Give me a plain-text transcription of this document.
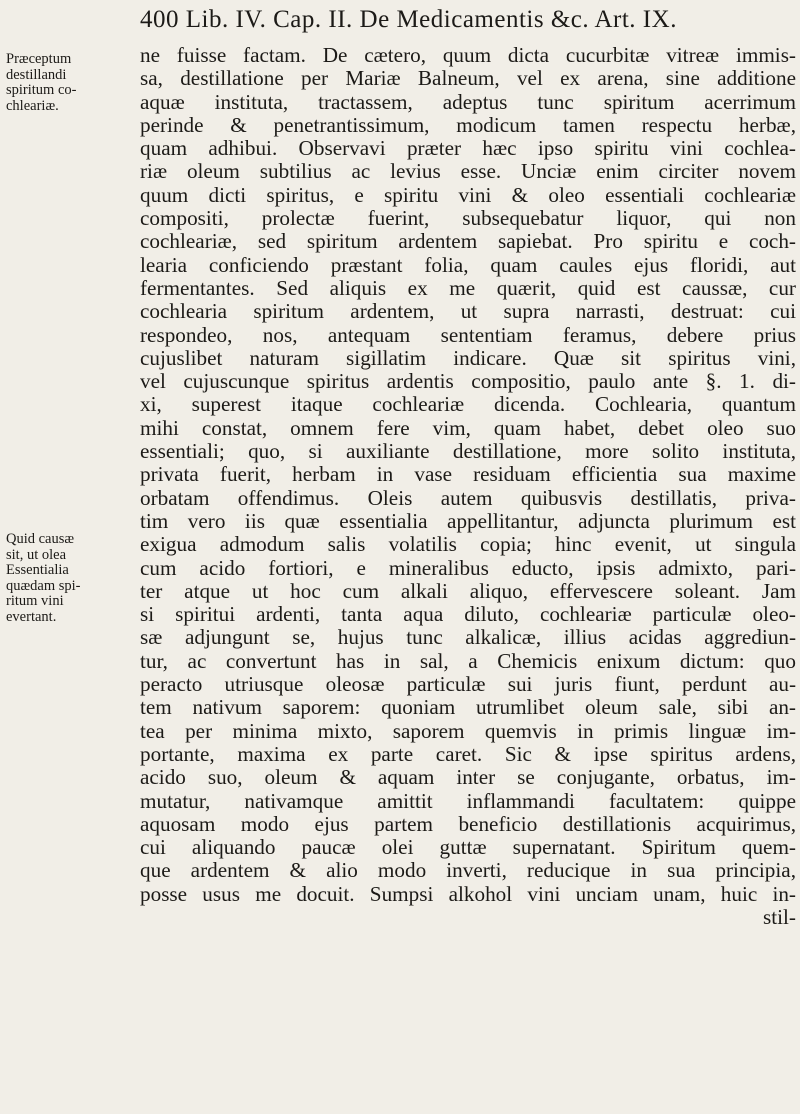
400 Lib. IV. Cap. II. De Medicamentis &c. Art. IX.
Præceptum
destillandi
spiritum co-
chleariæ.
Quid causæ
sit, ut olea
Essentialia
quædam spi-
ritum vini
evertant.
ne fuisse factam. De cætero, quum dicta cucurbitæ vitreæ immis-
sa, destillatione per Mariæ Balneum, vel ex arena, sine additione
aquæ instituta, tractassem, adeptus tunc spiritum acerrimum
perinde & penetrantissimum, modicum tamen respectu herbæ,
quam adhibui. Observavi præter hæc ipso spiritu vini cochlea-
riæ oleum subtilius ac levius esse. Unciæ enim circiter novem
quum dicti spiritus, e spiritu vini & oleo essentiali cochleariæ
compositi, prolectæ fuerint, subsequebatur liquor, qui non
cochleariæ, sed spiritum ardentem sapiebat. Pro spiritu e coch-
learia conficiendo præstant folia, quam caules ejus floridi, aut
fermentantes. Sed aliquis ex me quærit, quid est caussæ, cur
cochlearia spiritum ardentem, ut supra narrasti, destruat: cui
respondeo, nos, antequam sententiam feramus, debere prius
cujuslibet naturam sigillatim indicare. Quæ sit spiritus vini,
vel cujuscunque spiritus ardentis compositio, paulo ante §. 1. di-
xi, superest itaque cochleariæ dicenda. Cochlearia, quantum
mihi constat, omnem fere vim, quam habet, debet oleo suo
essentiali; quo, si auxiliante destillatione, more solito instituta,
privata fuerit, herbam in vase residuam efficientia sua maxime
orbatam offendimus. Oleis autem quibusvis destillatis, priva-
tim vero iis quæ essentialia appellitantur, adjuncta plurimum est
exigua admodum salis volatilis copia; hinc evenit, ut singula
cum acido fortiori, e mineralibus educto, ipsis admixto, pari-
ter atque ut hoc cum alkali aliquo, effervescere soleant. Jam
si spiritui ardenti, tanta aqua diluto, cochleariæ particulæ oleo-
sæ adjungunt se, hujus tunc alkalicæ, illius acidas aggrediun-
tur, ac convertunt has in sal, a Chemicis enixum dictum: quo
peracto utriusque oleosæ particulæ sui juris fiunt, perdunt au-
tem nativum saporem: quoniam utrumlibet oleum sale, sibi an-
tea per minima mixto, saporem quemvis in primis linguæ im-
portante, maxima ex parte caret. Sic & ipse spiritus ardens,
acido suo, oleum & aquam inter se conjugante, orbatus, im-
mutatur, nativamque amittit inflammandi facultatem: quippe
aquosam modo ejus partem beneficio destillationis acquirimus,
cui aliquando paucæ olei guttæ supernatant. Spiritum quem-
que ardentem & alio modo inverti, reducique in sua principia,
posse usus me docuit. Sumpsi alkohol vini unciam unam, huic in-
stil-
